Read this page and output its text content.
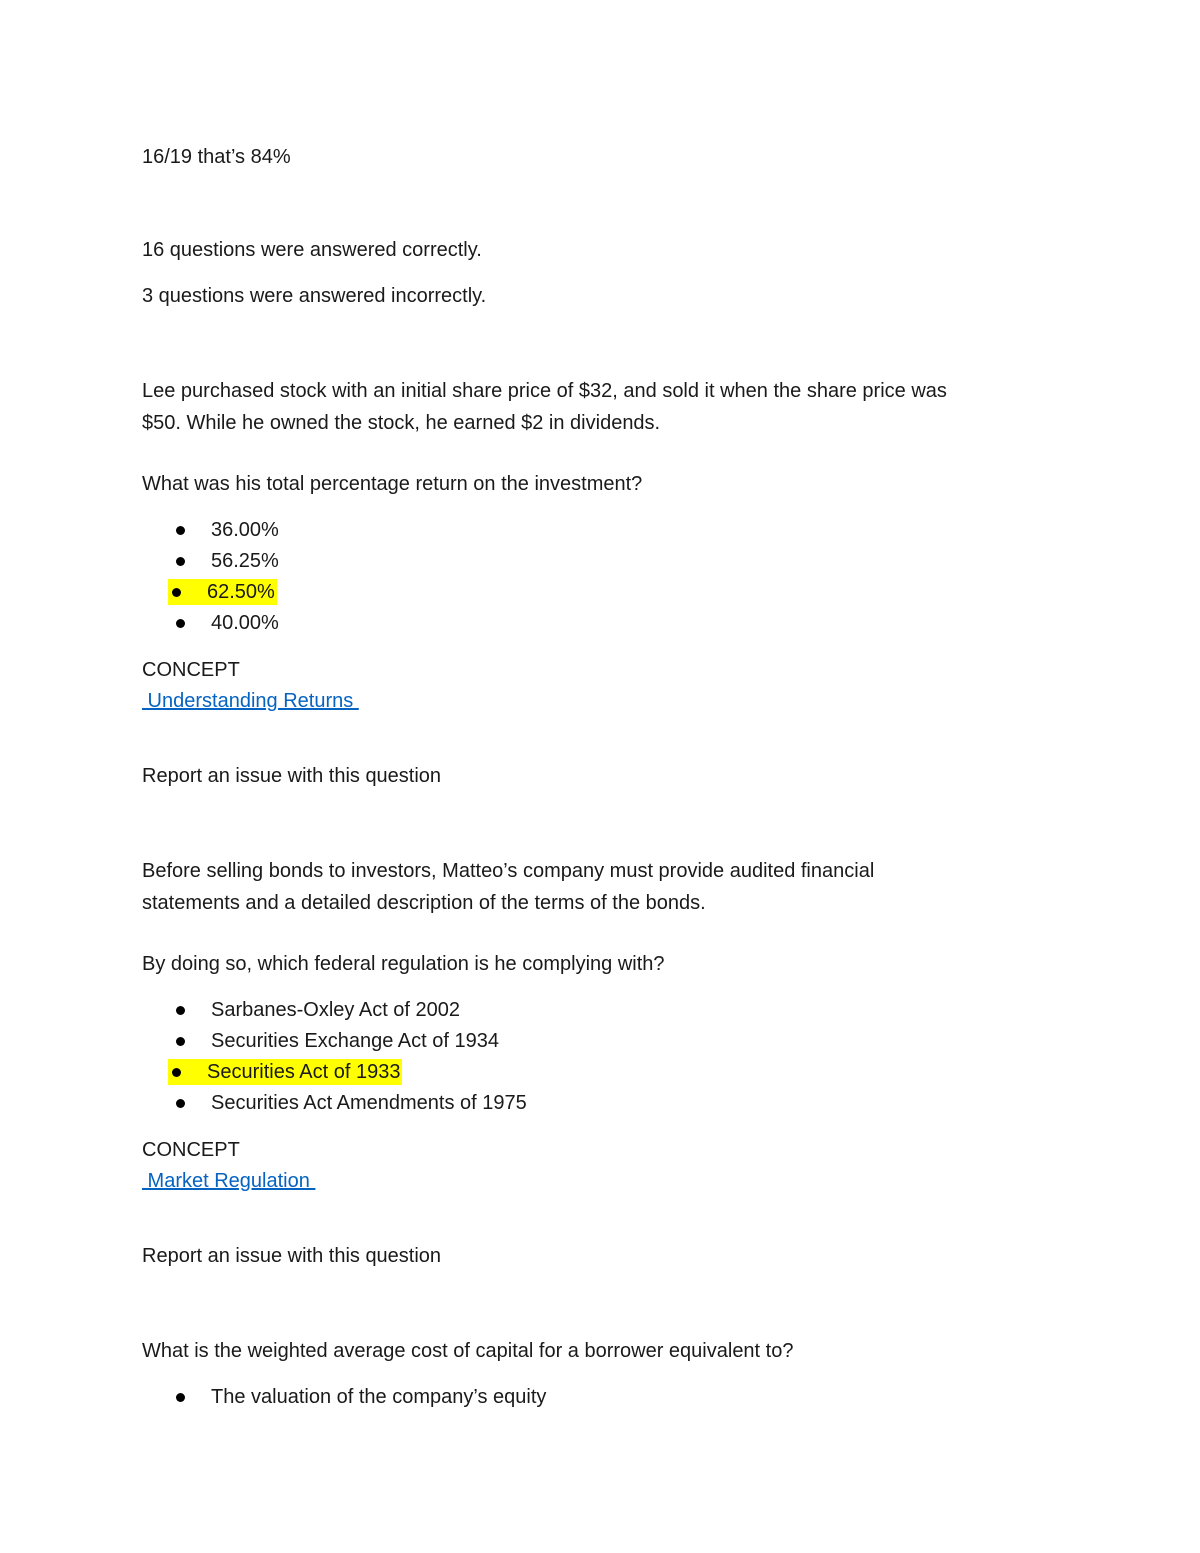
16/19 that’s 84%
16 questions were answered correctly.
3 questions were answered incorrectly.
Lee purchased stock with an initial share price of $32, and sold it when the share price was
$50. While he owned the stock, he earned $2 in dividends.
What was his total percentage return on the investment?
36.00%
56.25%
62.50%
40.00%
CONCEPT
Understanding Returns
Report an issue with this question
Before selling bonds to investors, Matteo’s company must provide audited financial
statements and a detailed description of the terms of the bonds.
By doing so, which federal regulation is he complying with?
Sarbanes-Oxley Act of 2002
Securities Exchange Act of 1934
Securities Act of 1933
Securities Act Amendments of 1975
CONCEPT
Market Regulation
Report an issue with this question
What is the weighted average cost of capital for a borrower equivalent to?
The valuation of the company’s equity
